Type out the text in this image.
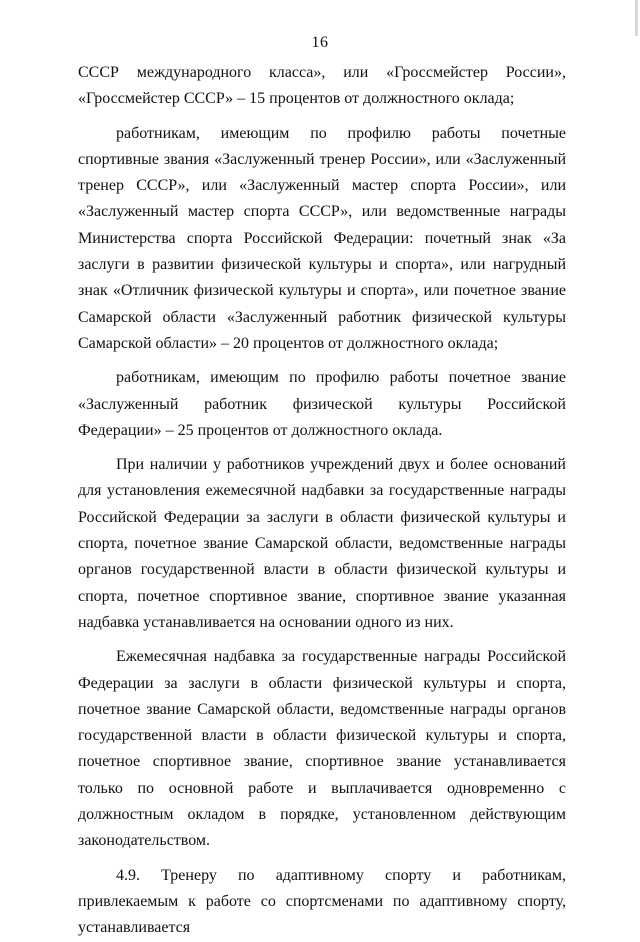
16

СССР международного класса», или «Гроссмейстер России», «Гроссмейстер СССР» – 15 процентов от должностного оклада;

работникам, имеющим по профилю работы почетные спортивные звания «Заслуженный тренер России», или «Заслуженный тренер СССР», или «Заслуженный мастер спорта России», или «Заслуженный мастер спорта СССР», или ведомственные награды Министерства спорта Российской Федерации: почетный знак «За заслуги в развитии физической культуры и спорта», или нагрудный знак «Отличник физической культуры и спорта», или почетное звание Самарской области «Заслуженный работник физической культуры Самарской области» – 20 процентов от должностного оклада;

работникам, имеющим по профилю работы почетное звание «Заслуженный работник физической культуры Российской Федерации» – 25 процентов от должностного оклада.

При наличии у работников учреждений двух и более оснований для установления ежемесячной надбавки за государственные награды Российской Федерации за заслуги в области физической культуры и спорта, почетное звание Самарской области, ведомственные награды органов государственной власти в области физической культуры и спорта, почетное спортивное звание, спортивное звание указанная надбавка устанавливается на основании одного из них.

Ежемесячная надбавка за государственные награды Российской Федерации за заслуги в области физической культуры и спорта, почетное звание Самарской области, ведомственные награды органов государственной власти в области физической культуры и спорта, почетное спортивное звание, спортивное звание устанавливается только по основной работе и выплачивается одновременно с должностным окладом в порядке, установленном действующим законодательством.

4.9. Тренеру по адаптивному спорту и работникам, привлекаемым к работе со спортсменами по адаптивному спорту, устанавливается
